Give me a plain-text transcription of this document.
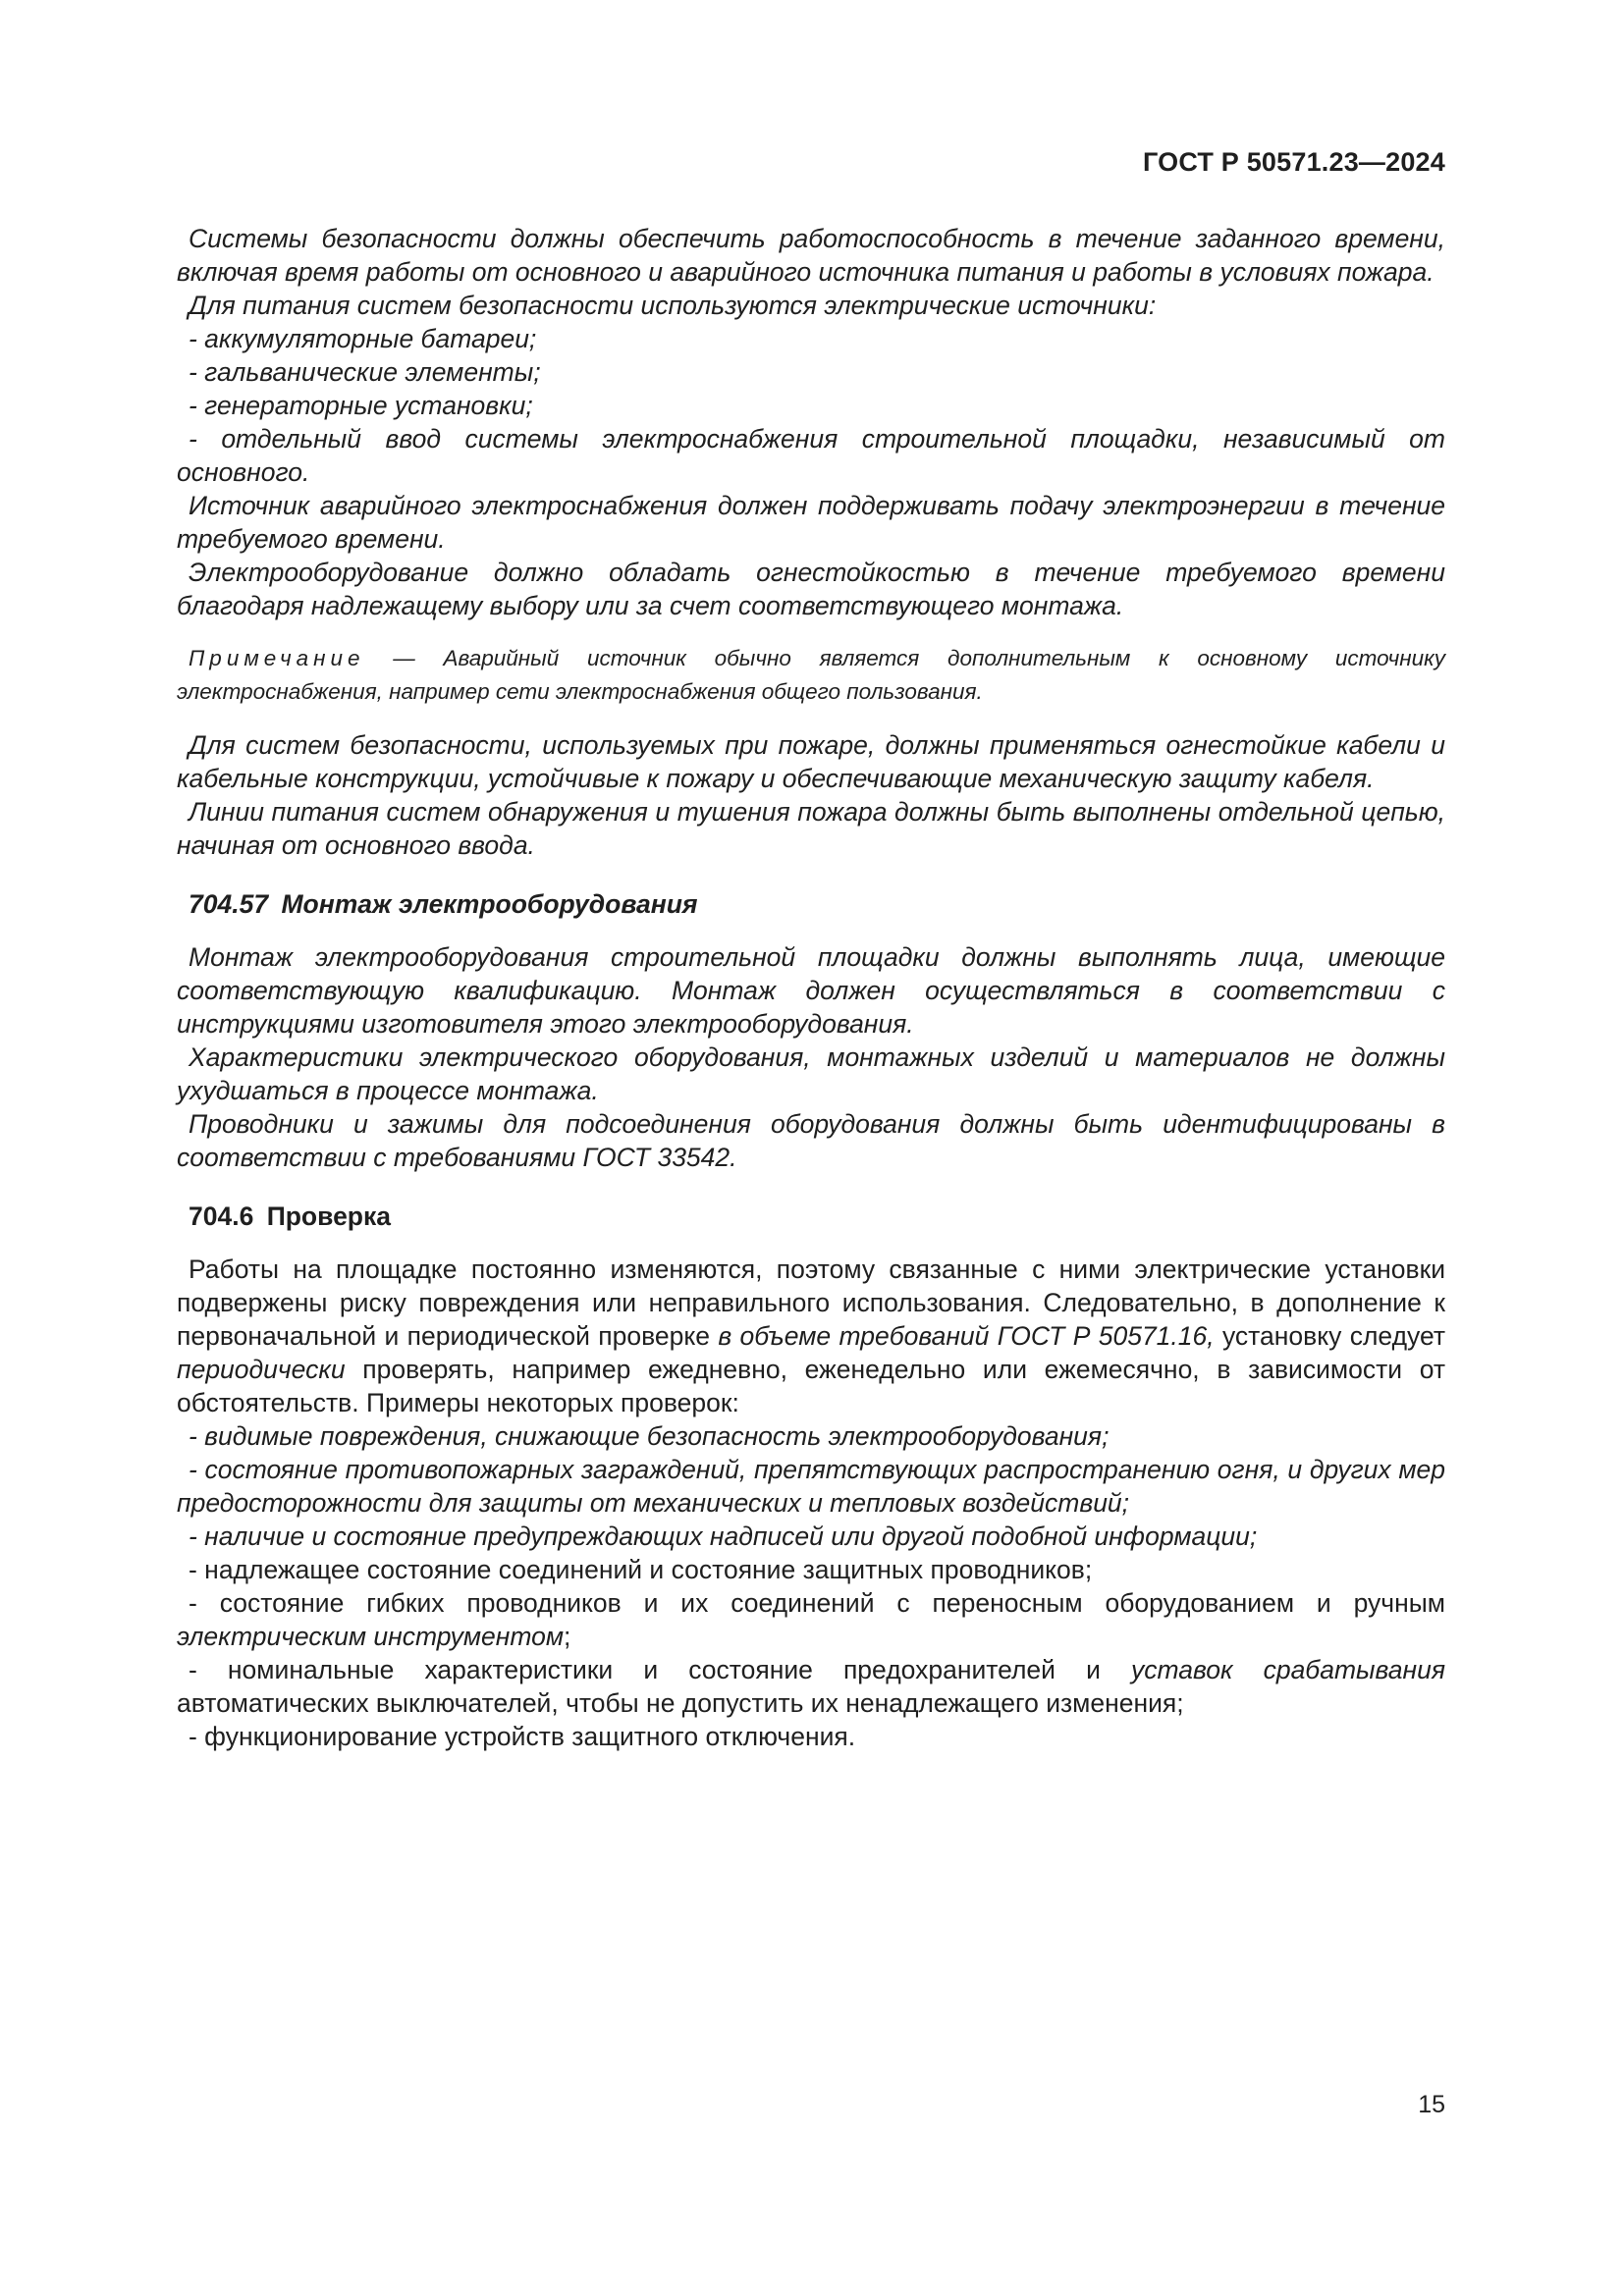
ГОСТ Р 50571.23—2024

Системы безопасности должны обеспечить работоспособность в течение заданного времени, включая время работы от основного и аварийного источника питания и работы в условиях пожара.

Для питания систем безопасности используются электрические источники:

- аккумуляторные батареи;

- гальванические элементы;

- генераторные установки;

- отдельный ввод системы электроснабжения строительной площадки, независимый от основного.

Источник аварийного электроснабжения должен поддерживать подачу электроэнергии в течение требуемого времени.

Электрооборудование должно обладать огнестойкостью в течение требуемого времени благодаря надлежащему выбору или за счет соответствующего монтажа.

Примечание — Аварийный источник обычно является дополнительным к основному источнику электроснабжения, например сети электроснабжения общего пользования.

Для систем безопасности, используемых при пожаре, должны применяться огнестойкие кабели и кабельные конструкции, устойчивые к пожару и обеспечивающие механическую защиту кабеля.

Линии питания систем обнаружения и тушения пожара должны быть выполнены отдельной цепью, начиная от основного ввода.

704.57 Монтаж электрооборудования

Монтаж электрооборудования строительной площадки должны выполнять лица, имеющие соответствующую квалификацию. Монтаж должен осуществляться в соответствии с инструкциями изготовителя этого электрооборудования.

Характеристики электрического оборудования, монтажных изделий и материалов не должны ухудшаться в процессе монтажа.

Проводники и зажимы для подсоединения оборудования должны быть идентифицированы в соответствии с требованиями ГОСТ 33542.

704.6 Проверка

Работы на площадке постоянно изменяются, поэтому связанные с ними электрические установки подвержены риску повреждения или неправильного использования. Следовательно, в дополнение к первоначальной и периодической проверке в объеме требований ГОСТ Р 50571.16, установку следует периодически проверять, например ежедневно, еженедельно или ежемесячно, в зависимости от обстоятельств. Примеры некоторых проверок:

- видимые повреждения, снижающие безопасность электрооборудования;

- состояние противопожарных заграждений, препятствующих распространению огня, и других мер предосторожности для защиты от механических и тепловых воздействий;

- наличие и состояние предупреждающих надписей или другой подобной информации;

- надлежащее состояние соединений и состояние защитных проводников;

- состояние гибких проводников и их соединений с переносным оборудованием и ручным электрическим инструментом;

- номинальные характеристики и состояние предохранителей и уставок срабатывания автоматических выключателей, чтобы не допустить их ненадлежащего изменения;

- функционирование устройств защитного отключения.

15
